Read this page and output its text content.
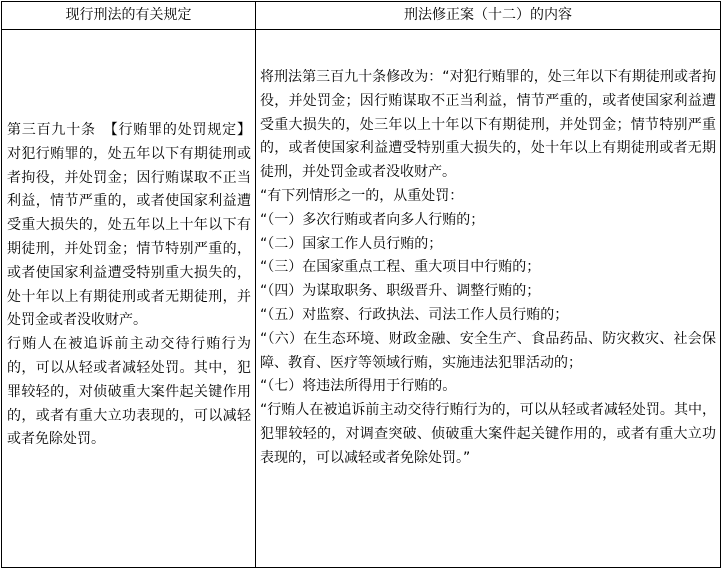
现行刑法的有关规定	刑法修正案（十二）的内容

第三百九十条　【行贿罪的处罚规定】对犯行贿罪的，处五年以下有期徒刑或者拘役，并处罚金；因行贿谋取不正当利益，情节严重的，或者使国家利益遭受重大损失的，处五年以上十年以下有期徒刑，并处罚金；情节特别严重的，或者使国家利益遭受特别重大损失的，处十年以上有期徒刑或者无期徒刑，并处罚金或者没收财产。

行贿人在被追诉前主动交待行贿行为的，可以从轻或者减轻处罚。其中，犯罪较轻的，对侦破重大案件起关键作用的，或者有重大立功表现的，可以减轻或者免除处罚。

将刑法第三百九十条修改为：“对犯行贿罪的，处三年以下有期徒刑或者拘役，并处罚金；因行贿谋取不正当利益，情节严重的，或者使国家利益遭受重大损失的，处三年以上十年以下有期徒刑，并处罚金；情节特别严重的，或者使国家利益遭受特别重大损失的，处十年以上有期徒刑或者无期徒刑，并处罚金或者没收财产。

“有下列情形之一的，从重处罚：

“（一）多次行贿或者向多人行贿的；

“（二）国家工作人员行贿的；

“（三）在国家重点工程、重大项目中行贿的；

“（四）为谋取职务、职级晋升、调整行贿的；

“（五）对监察、行政执法、司法工作人员行贿的；

“（六）在生态环境、财政金融、安全生产、食品药品、防灾救灾、社会保障、教育、医疗等领域行贿，实施违法犯罪活动的；

“（七）将违法所得用于行贿的。

“行贿人在被追诉前主动交待行贿行为的，可以从轻或者减轻处罚。其中，犯罪较轻的，对调查突破、侦破重大案件起关键作用的，或者有重大立功表现的，可以减轻或者免除处罚。”
